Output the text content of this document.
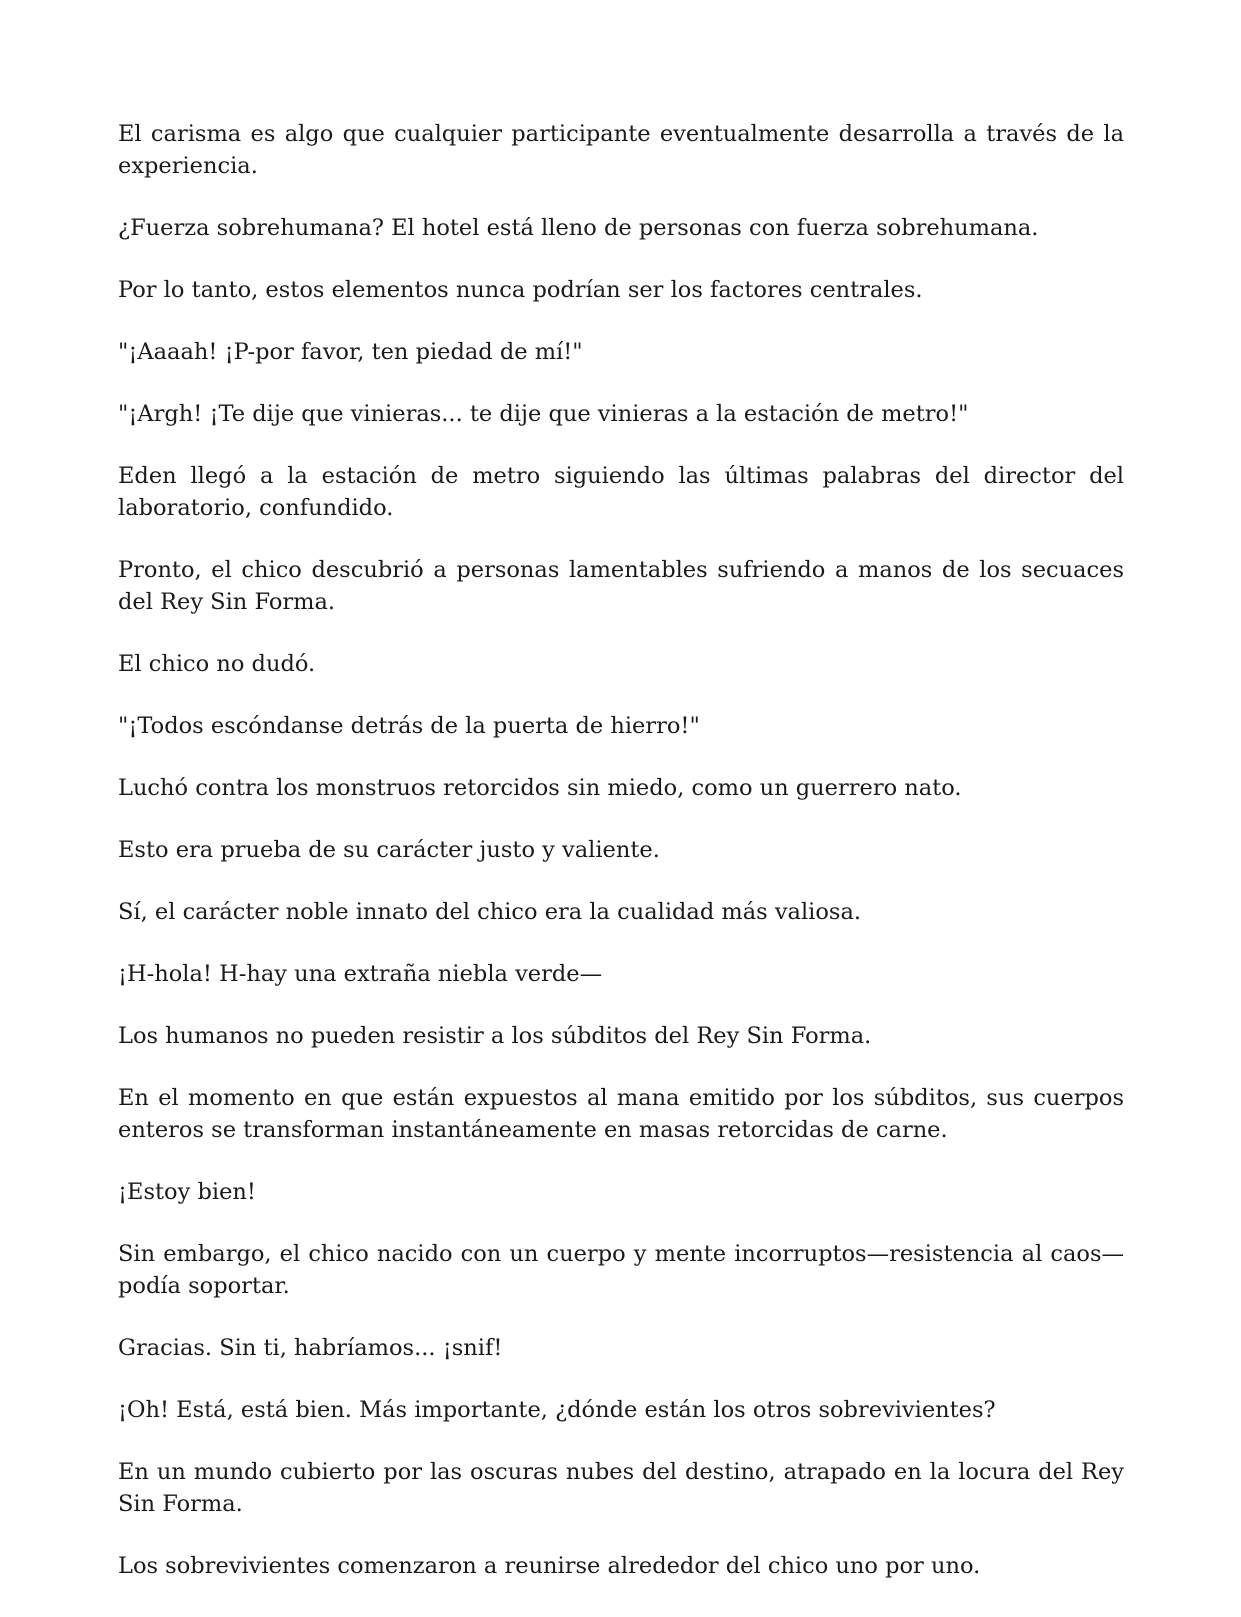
El carisma es algo que cualquier participante eventualmente desarrolla a través de la experiencia.

¿Fuerza sobrehumana? El hotel está lleno de personas con fuerza sobrehumana.

Por lo tanto, estos elementos nunca podrían ser los factores centrales.

"¡Aaaah! ¡P-por favor, ten piedad de mí!"

"¡Argh! ¡Te dije que vinieras... te dije que vinieras a la estación de metro!"

Eden llegó a la estación de metro siguiendo las últimas palabras del director del laboratorio, confundido.

Pronto, el chico descubrió a personas lamentables sufriendo a manos de los secuaces del Rey Sin Forma.

El chico no dudó.

"¡Todos escóndanse detrás de la puerta de hierro!"

Luchó contra los monstruos retorcidos sin miedo, como un guerrero nato.

Esto era prueba de su carácter justo y valiente.

Sí, el carácter noble innato del chico era la cualidad más valiosa.

¡H-hola! H-hay una extraña niebla verde—

Los humanos no pueden resistir a los súbditos del Rey Sin Forma.

En el momento en que están expuestos al mana emitido por los súbditos, sus cuerpos enteros se transforman instantáneamente en masas retorcidas de carne.

¡Estoy bien!

Sin embargo, el chico nacido con un cuerpo y mente incorruptos—resistencia al caos—podía soportar.

Gracias. Sin ti, habríamos... ¡snif!

¡Oh! Está, está bien. Más importante, ¿dónde están los otros sobrevivientes?

En un mundo cubierto por las oscuras nubes del destino, atrapado en la locura del Rey Sin Forma.

Los sobrevivientes comenzaron a reunirse alrededor del chico uno por uno.
